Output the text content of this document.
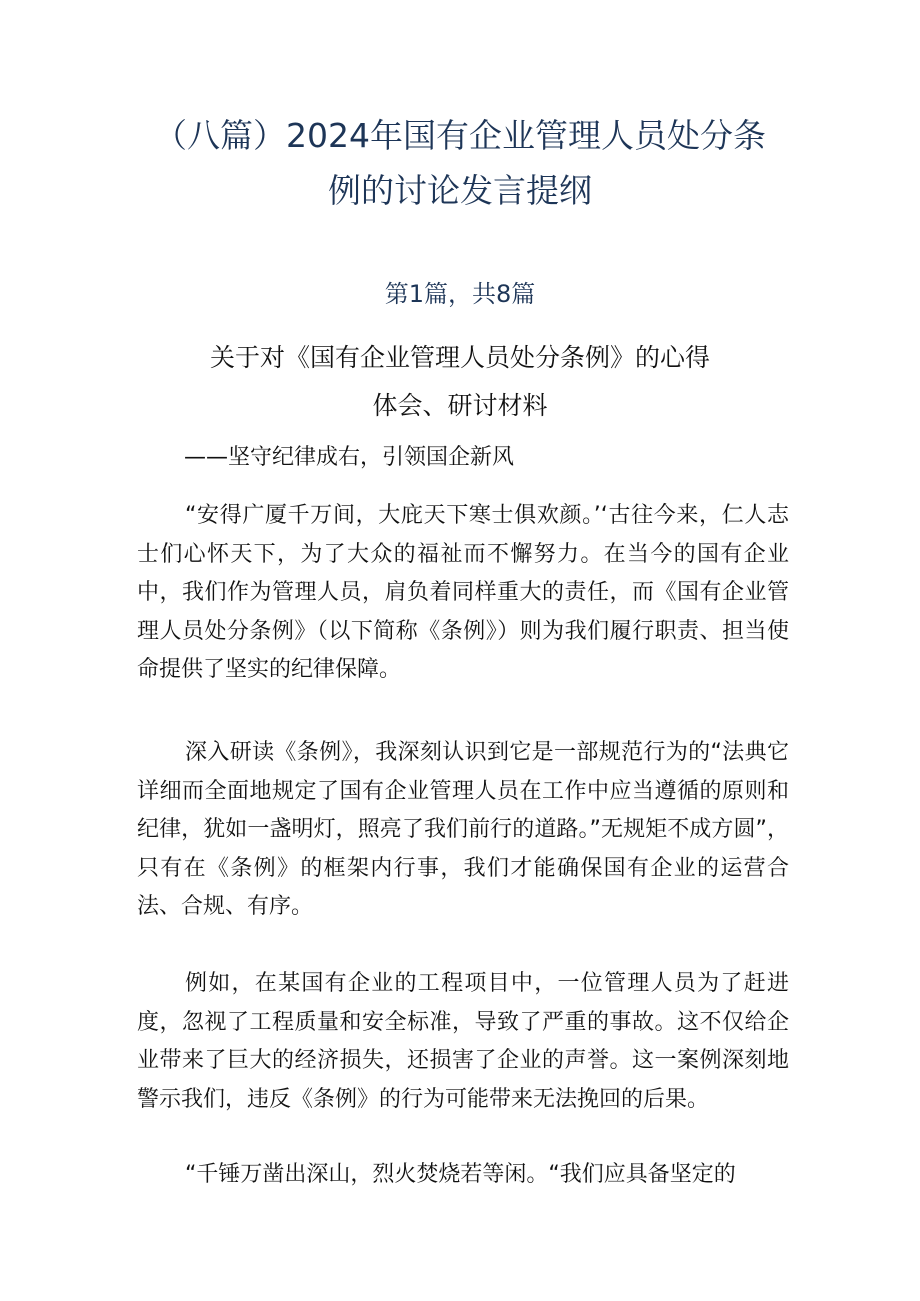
（八篇）2024年国有企业管理人员处分条
例的讨论发言提纲
第1篇，共8篇
关于对《国有企业管理人员处分条例》的心得
体会、研讨材料
——坚守纪律成右，引领国企新风

“安得广厦千万间，大庇天下寒士俱欢颜。’‘古往今来，仁人志士们心怀天下，为了大众的福祉而不懈努力。在当今的国有企业中，我们作为管理人员，肩负着同样重大的责任，而《国有企业管理人员处分条例》（以下简称《条例》）则为我们履行职责、担当使命提供了坚实的纪律保障。

深入研读《条例》，我深刻认识到它是一部规范行为的“法典它详细而全面地规定了国有企业管理人员在工作中应当遵循的原则和纪律，犹如一盏明灯，照亮了我们前行的道路。”无规矩不成方圆”，只有在《条例》的框架内行事，我们才能确保国有企业的运营合法、合规、有序。

例如，在某国有企业的工程项目中，一位管理人员为了赶进度，忽视了工程质量和安全标准，导致了严重的事故。这不仅给企业带来了巨大的经济损失，还损害了企业的声誉。这一案例深刻地警示我们，违反《条例》的行为可能带来无法挽回的后果。

“千锤万凿出深山，烈火焚烧若等闲。“我们应具备坚定的
